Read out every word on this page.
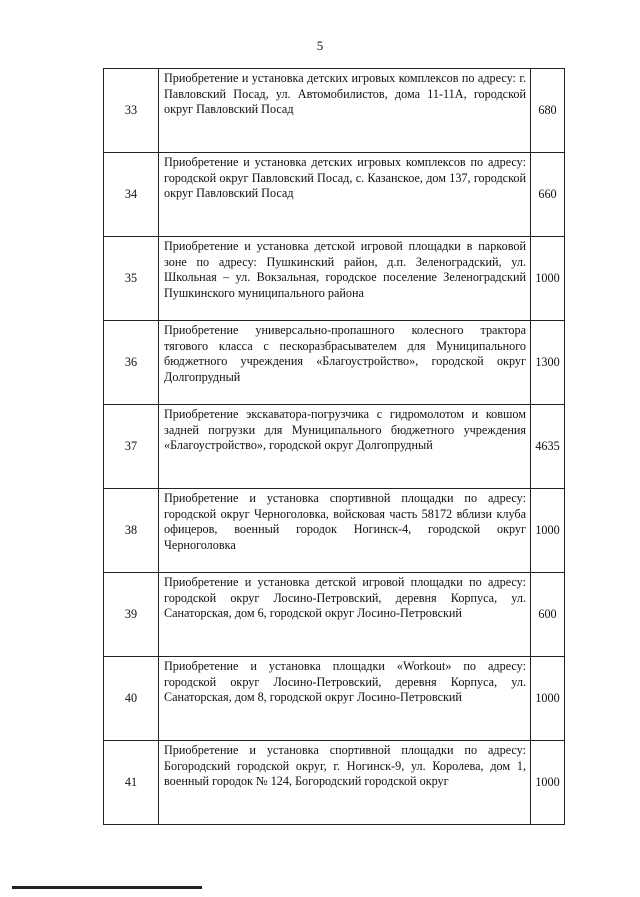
5
33	Приобретение и установка детских игровых комплексов по адресу: г. Павловский Посад, ул. Автомобилистов, дома 11-11А, городской округ Павловский Посад	680
34	Приобретение и установка детских игровых комплексов по адресу: городской округ Павловский Посад, с. Казанское, дом 137, городской округ Павловский Посад	660
35	Приобретение и установка детской игровой площадки в парковой зоне по адресу: Пушкинский район, д.п. Зеленоградский, ул. Школьная – ул. Вокзальная, городское поселение Зеленоградский Пушкинского муниципального района	1000
36	Приобретение универсально-пропашного колесного трактора тягового класса с пескоразбрасывателем для Муниципального бюджетного учреждения «Благоустройство», городской округ Долгопрудный	1300
37	Приобретение экскаватора-погрузчика с гидромолотом и ковшом задней погрузки для Муниципального бюджетного учреждения «Благоустройство», городской округ Долгопрудный	4635
38	Приобретение и установка спортивной площадки по адресу: городской округ Черноголовка, войсковая часть 58172 вблизи клуба офицеров, военный городок Ногинск-4, городской округ Черноголовка	1000
39	Приобретение и установка детской игровой площадки по адресу: городской округ Лосино-Петровский, деревня Корпуса, ул. Санаторская, дом 6, городской округ Лосино-Петровский	600
40	Приобретение и установка площадки «Workout» по адресу: городской округ Лосино-Петровский, деревня Корпуса, ул. Санаторская, дом 8, городской округ Лосино-Петровский	1000
41	Приобретение и установка спортивной площадки по адресу: Богородский городской округ, г. Ногинск-9, ул. Королева, дом 1, военный городок № 124, Богородский городской округ	1000
